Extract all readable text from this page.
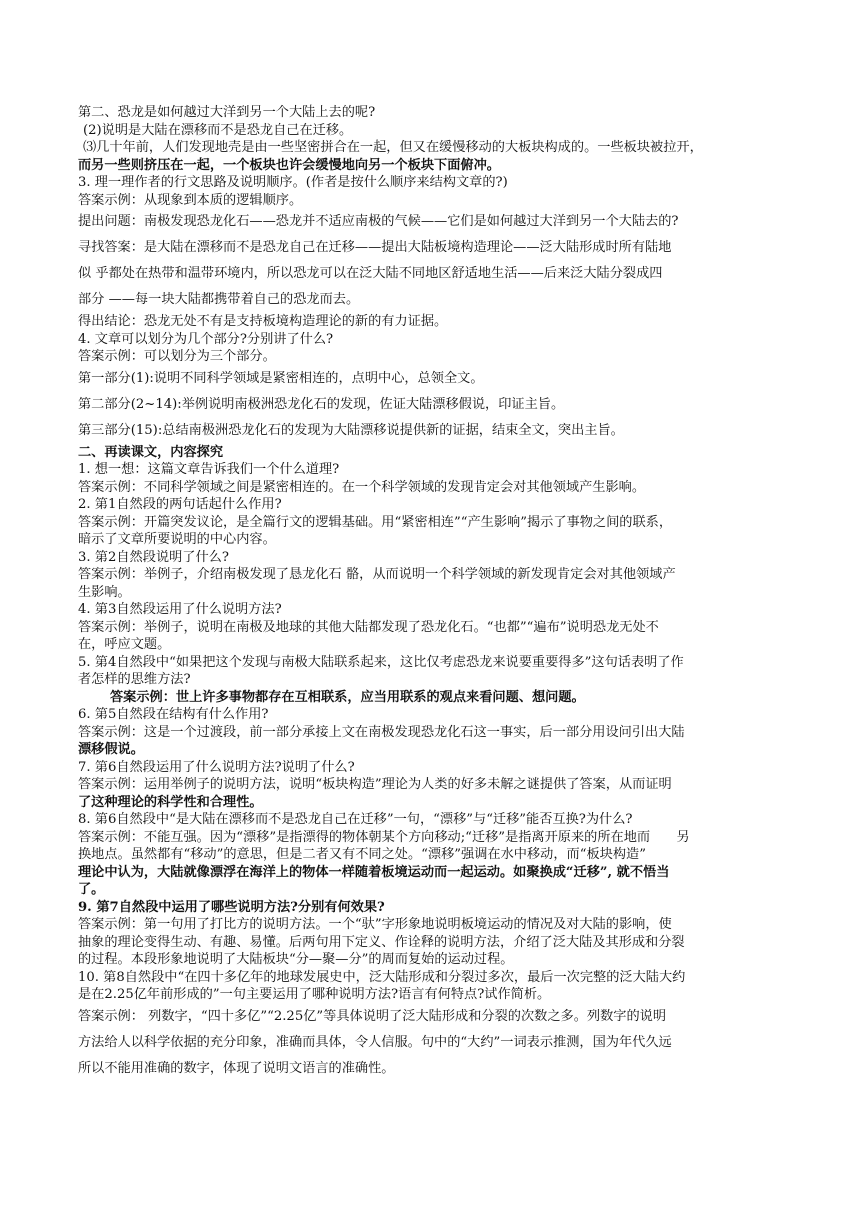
第二、恐龙是如何越过大洋到另一个大陆上去的呢?

(2)说明是大陆在漂移而不是恐龙自己在迁移。

⑶几十年前，人们发现地壳是由一些坚密拼合在一起，但又在缓慢移动的大板块构成的。一些板块被拉开，

而另一些则挤压在一起，一个板块也许会缓慢地向另一个板块下面俯冲。

3. 理一理作者的行文思路及说明顺序。(作者是按什么顺序来结构文章的?)

答案示例：从现象到本质的逻辑顺序。

提出问题：南极发现恐龙化石——恐龙并不适应南极的气候——它们是如何越过大洋到另一个大陆去的?

寻找答案：是大陆在漂移而不是恐龙自己在迁移——提出大陆板境构造理论——泛大陆形成时所有陆地

似 乎都处在热带和温带环境内，所以恐龙可以在泛大陆不同地区舒适地生活——后来泛大陆分裂成四

部分 ——每一块大陆都携带着自己的恐龙而去。

得出结论：恐龙无处不有是支持板境构造理论的新的有力证据。

4. 文章可以划分为几个部分?分别讲了什么?

答案示例：可以划分为三个部分。

第一部分(1):说明不同科学领域是紧密相连的，点明中心，总领全文。

第二部分(2~14):举例说明南极洲恐龙化石的发现，佐证大陆漂移假说，印证主旨。

第三部分(15):总结南极洲恐龙化石的发现为大陆漂移说提供新的证据，结束全文，突出主旨。

二、再读课文，内容探究

1. 想一想：这篇文章告诉我们一个什么道理?

答案示例：不同科学领域之间是紧密相连的。在一个科学领域的发现肯定会对其他领域产生影响。

2. 第1自然段的两句话起什么作用?

答案示例：开篇突发议论，是全篇行文的逻辑基础。用“紧密相连”“产生影响”揭示了事物之间的联系，

暗示了文章所要说明的中心内容。

3. 第2自然段说明了什么?

答案示例：举例子，介绍南极发现了恳龙化石 骼，从而说明一个科学领域的新发现肯定会对其他领域产

生影响。

4. 第3自然段运用了什么说明方法?

答案示例：举例子，说明在南极及地球的其他大陆都发现了恐龙化石。“也都”“遍布”说明恐龙无处不

在，呼应文题。

5. 第4自然段中“如果把这个发现与南极大陆联系起来，这比仅考虑恐龙来说要重要得多”这句话表明了作

者怎样的思维方法?

答案示例：世上许多事物都存在互相联系，应当用联系的观点来看问题、想问题。

6. 第5自然段在结构有什么作用?

答案示例：这是一个过渡段，前一部分承接上文在南极发现恐龙化石这一事实，后一部分用设问引出大陆

漂移假说。

7. 第6自然段运用了什么说明方法?说明了什么?

答案示例：运用举例子的说明方法，说明“板块构造”理论为人类的好多未解之谜提供了答案，从而证明

了这种理论的科学性和合理性。

8. 第6自然段中“是大陆在漂移而不是恐龙自己在迁移”一句，“漂移”与“迁移”能否互换?为什么?

答案示例：不能互强。因为“漂移”是指漂得的物体朝某个方向移动;“迁移”是指离开原来的所在地而　　另

换地点。虽然都有“移动”的意思，但是二者又有不同之处。“漂移”强调在水中移动，而“板块构造”

理论中认为，大陆就像漂浮在海洋上的物体一样随着板境运动而一起运动。如聚换成“迁移”, 就不悟当

了。

9. 第7自然段中运用了哪些说明方法?分别有何效果?

答案示例：第一句用了打比方的说明方法。一个“驮”字形象地说明板境运动的情况及对大陆的影响，使

抽象的理论变得生动、有趣、易懂。后两句用下定义、作诠释的说明方法，介绍了泛大陆及其形成和分裂

的过程。本段形象地说明了大陆板块“分—聚—分”的周而复始的运动过程。

10. 第8自然段中“在四十多亿年的地球发展史中，泛大陆形成和分裂过多次，最后一次完整的泛大陆大约

是在2.25亿年前形成的”一句主要运用了哪种说明方法?语言有何特点?试作简析。

答案示例： 列数字，“四十多亿”“2.25亿”等具体说明了泛大陆形成和分裂的次数之多。列数字的说明

方法给人以科学依据的充分印象，准确而具体，令人信服。句中的“大约”一词表示推测，国为年代久远

所以不能用准确的数字，体现了说明文语言的准确性。
